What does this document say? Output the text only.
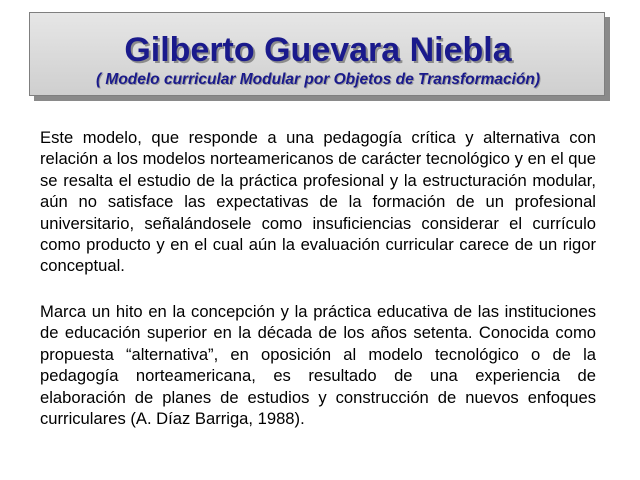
Gilberto Guevara Niebla
( Modelo curricular Modular por Objetos de Transformación)

Este modelo, que responde a una pedagogía crítica y alternativa con relación a los modelos norteamericanos de carácter tecnológico y en el que se resalta el estudio de la práctica profesional y la estructuración modular, aún no satisface las expectativas de la formación de un profesional universitario, señalándosele como insuficiencias considerar el currículo como producto y en el cual aún la evaluación curricular carece de un rigor conceptual.

Marca un hito en la concepción y la práctica educativa de las instituciones de educación superior en la década de los años setenta. Conocida como propuesta “alternativa”, en oposición al modelo tecnológico o de la pedagogía norteamericana, es resultado de una experiencia de elaboración de planes de estudios y construcción de nuevos enfoques curriculares (A. Díaz Barriga, 1988).
